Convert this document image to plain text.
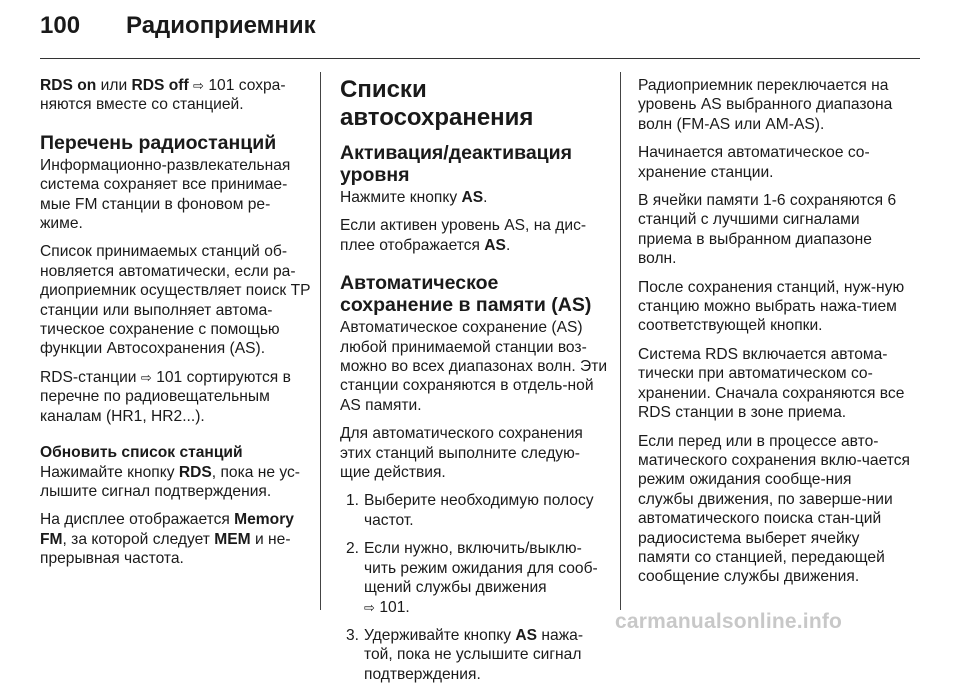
100	Радиоприемник

RDS on или RDS off ⇨ 101 сохра-няются вместе со станцией.

Перечень радиостанций

Информационно-развлекательная система сохраняет все принимае-мые FM станции в фоновом ре-жиме.

Список принимаемых станций об-новляется автоматически, если ра-диоприемник осуществляет поиск TP станции или выполняет автома-тическое сохранение с помощью функции Автосохранения (AS).

RDS-станции ⇨ 101 сортируются в перечне по радиовещательным каналам (HR1, HR2...).

Обновить список станций

Нажимайте кнопку RDS, пока не ус-лышите сигнал подтверждения.

На дисплее отображается Memory FM, за которой следует MEM и не-прерывная частота.

Списки автосохранения
Активация/деактивация уровня

Нажмите кнопку AS.

Если активен уровень AS, на дис-плее отображается AS.

Автоматическое сохранение в памяти (AS)

Автоматическое сохранение (AS) любой принимаемой станции воз-можно во всех диапазонах волн. Эти станции сохраняются в отдель-ной AS памяти.

Для автоматического сохранения этих станций выполните следую-щие действия.

1. Выберите необходимую полосу частот.
2. Если нужно, включить/выклю-чить режим ожидания для сооб-щений службы движения
⇨ 101.
3. Удерживайте кнопку AS нажа-той, пока не услышите сигнал подтверждения.

Радиоприемник переключается на уровень AS выбранного диапазона волн (FM-AS или AM-AS).

Начинается автоматическое со-хранение станции.

В ячейки памяти 1-6 сохраняются 6 станций с лучшими сигналами приема в выбранном диапазоне волн.

После сохранения станций, нуж-ную станцию можно выбрать нажа-тием соответствующей кнопки.

Система RDS включается автома-тически при автоматическом со-хранении. Сначала сохраняются все RDS станции в зоне приема.

Если перед или в процессе авто-матического сохранения вклю-чается режим ожидания сообще-ния службы движения, по заверше-нии автоматического поиска стан-ций радиосистема выберет ячейку памяти со станцией, передающей сообщение службы движения.

carmanualsonline.info
